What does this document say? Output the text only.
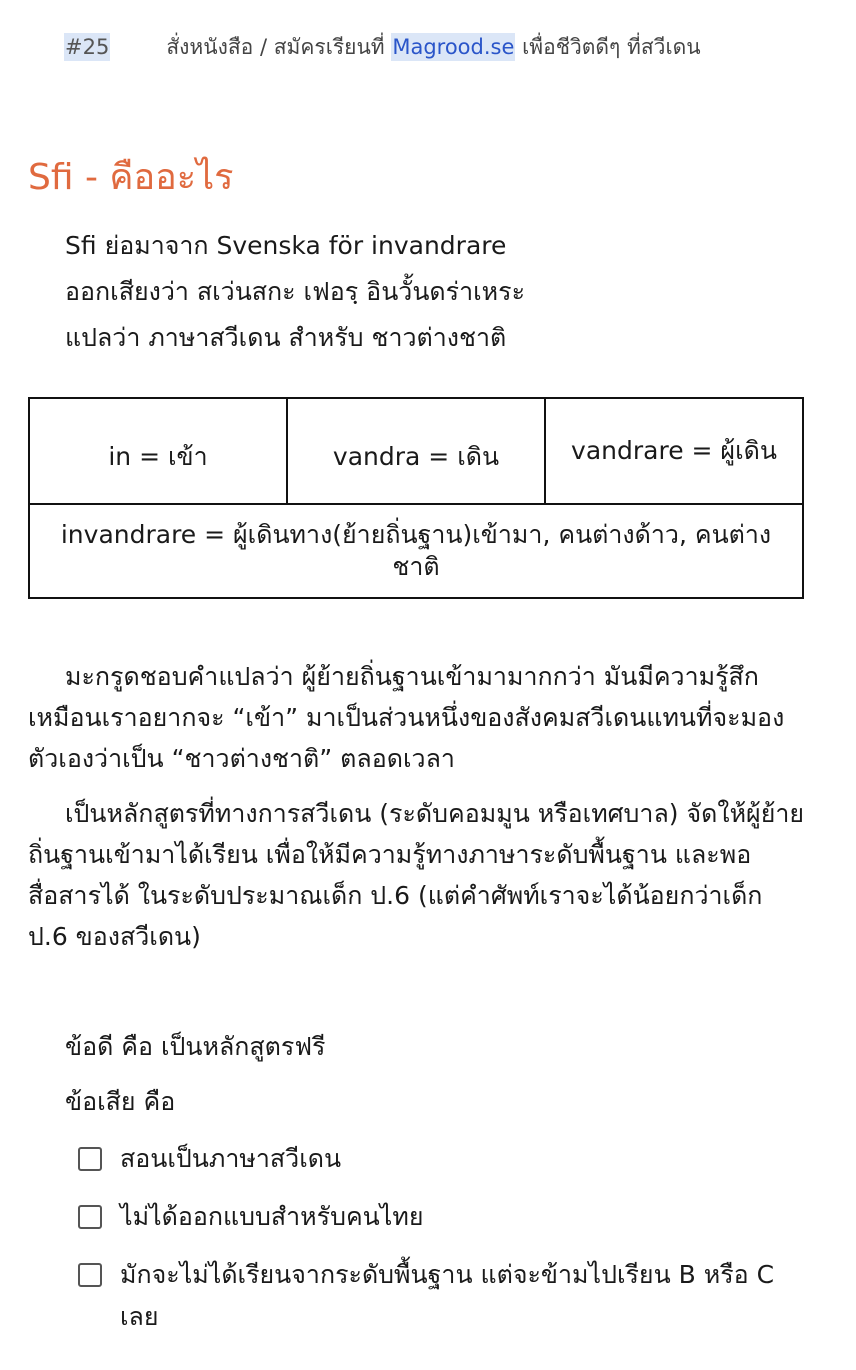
#25	สั่งหนังสือ / สมัครเรียนที่ Magrood.se เพื่อชีวิตดีๆ ที่สวีเดน
Sfi - คืออะไร
Sfi ย่อมาจาก Svenska för invandrare
ออกเสียงว่า สเว่นสกะ เฟอรฺ อินวั้นดร่าเหระ
แปลว่า ภาษาสวีเดน สำหรับ ชาวต่างชาติ
in = เข้า	vandra = เดิน	vandrare = ผู้เดิน
invandrare = ผู้เดินทาง(ย้ายถิ่นฐาน)เข้ามา, คนต่างด้าว, คนต่างชาติ

มะกรูดชอบคำแปลว่า ผู้ย้ายถิ่นฐานเข้ามามากกว่า มันมีความรู้สึกเหมือนเราอยากจะ “เข้า” มาเป็นส่วนหนึ่งของสังคมสวีเดนแทนที่จะมองตัวเองว่าเป็น “ชาวต่างชาติ” ตลอดเวลา

เป็นหลักสูตรที่ทางการสวีเดน (ระดับคอมมูน หรือเทศบาล) จัดให้ผู้ย้ายถิ่นฐานเข้ามาได้เรียน เพื่อให้มีความรู้ทางภาษาระดับพื้นฐาน และพอสื่อสารได้ ในระดับประมาณเด็ก ป.6 (แต่คำศัพท์เราจะได้น้อยกว่าเด็ก ป.6 ของสวีเดน)

ข้อดี คือ เป็นหลักสูตรฟรี
ข้อเสีย คือ
สอนเป็นภาษาสวีเดน
ไม่ได้ออกแบบสำหรับคนไทย
มักจะไม่ได้เรียนจากระดับพื้นฐาน แต่จะข้ามไปเรียน B หรือ C เลย
